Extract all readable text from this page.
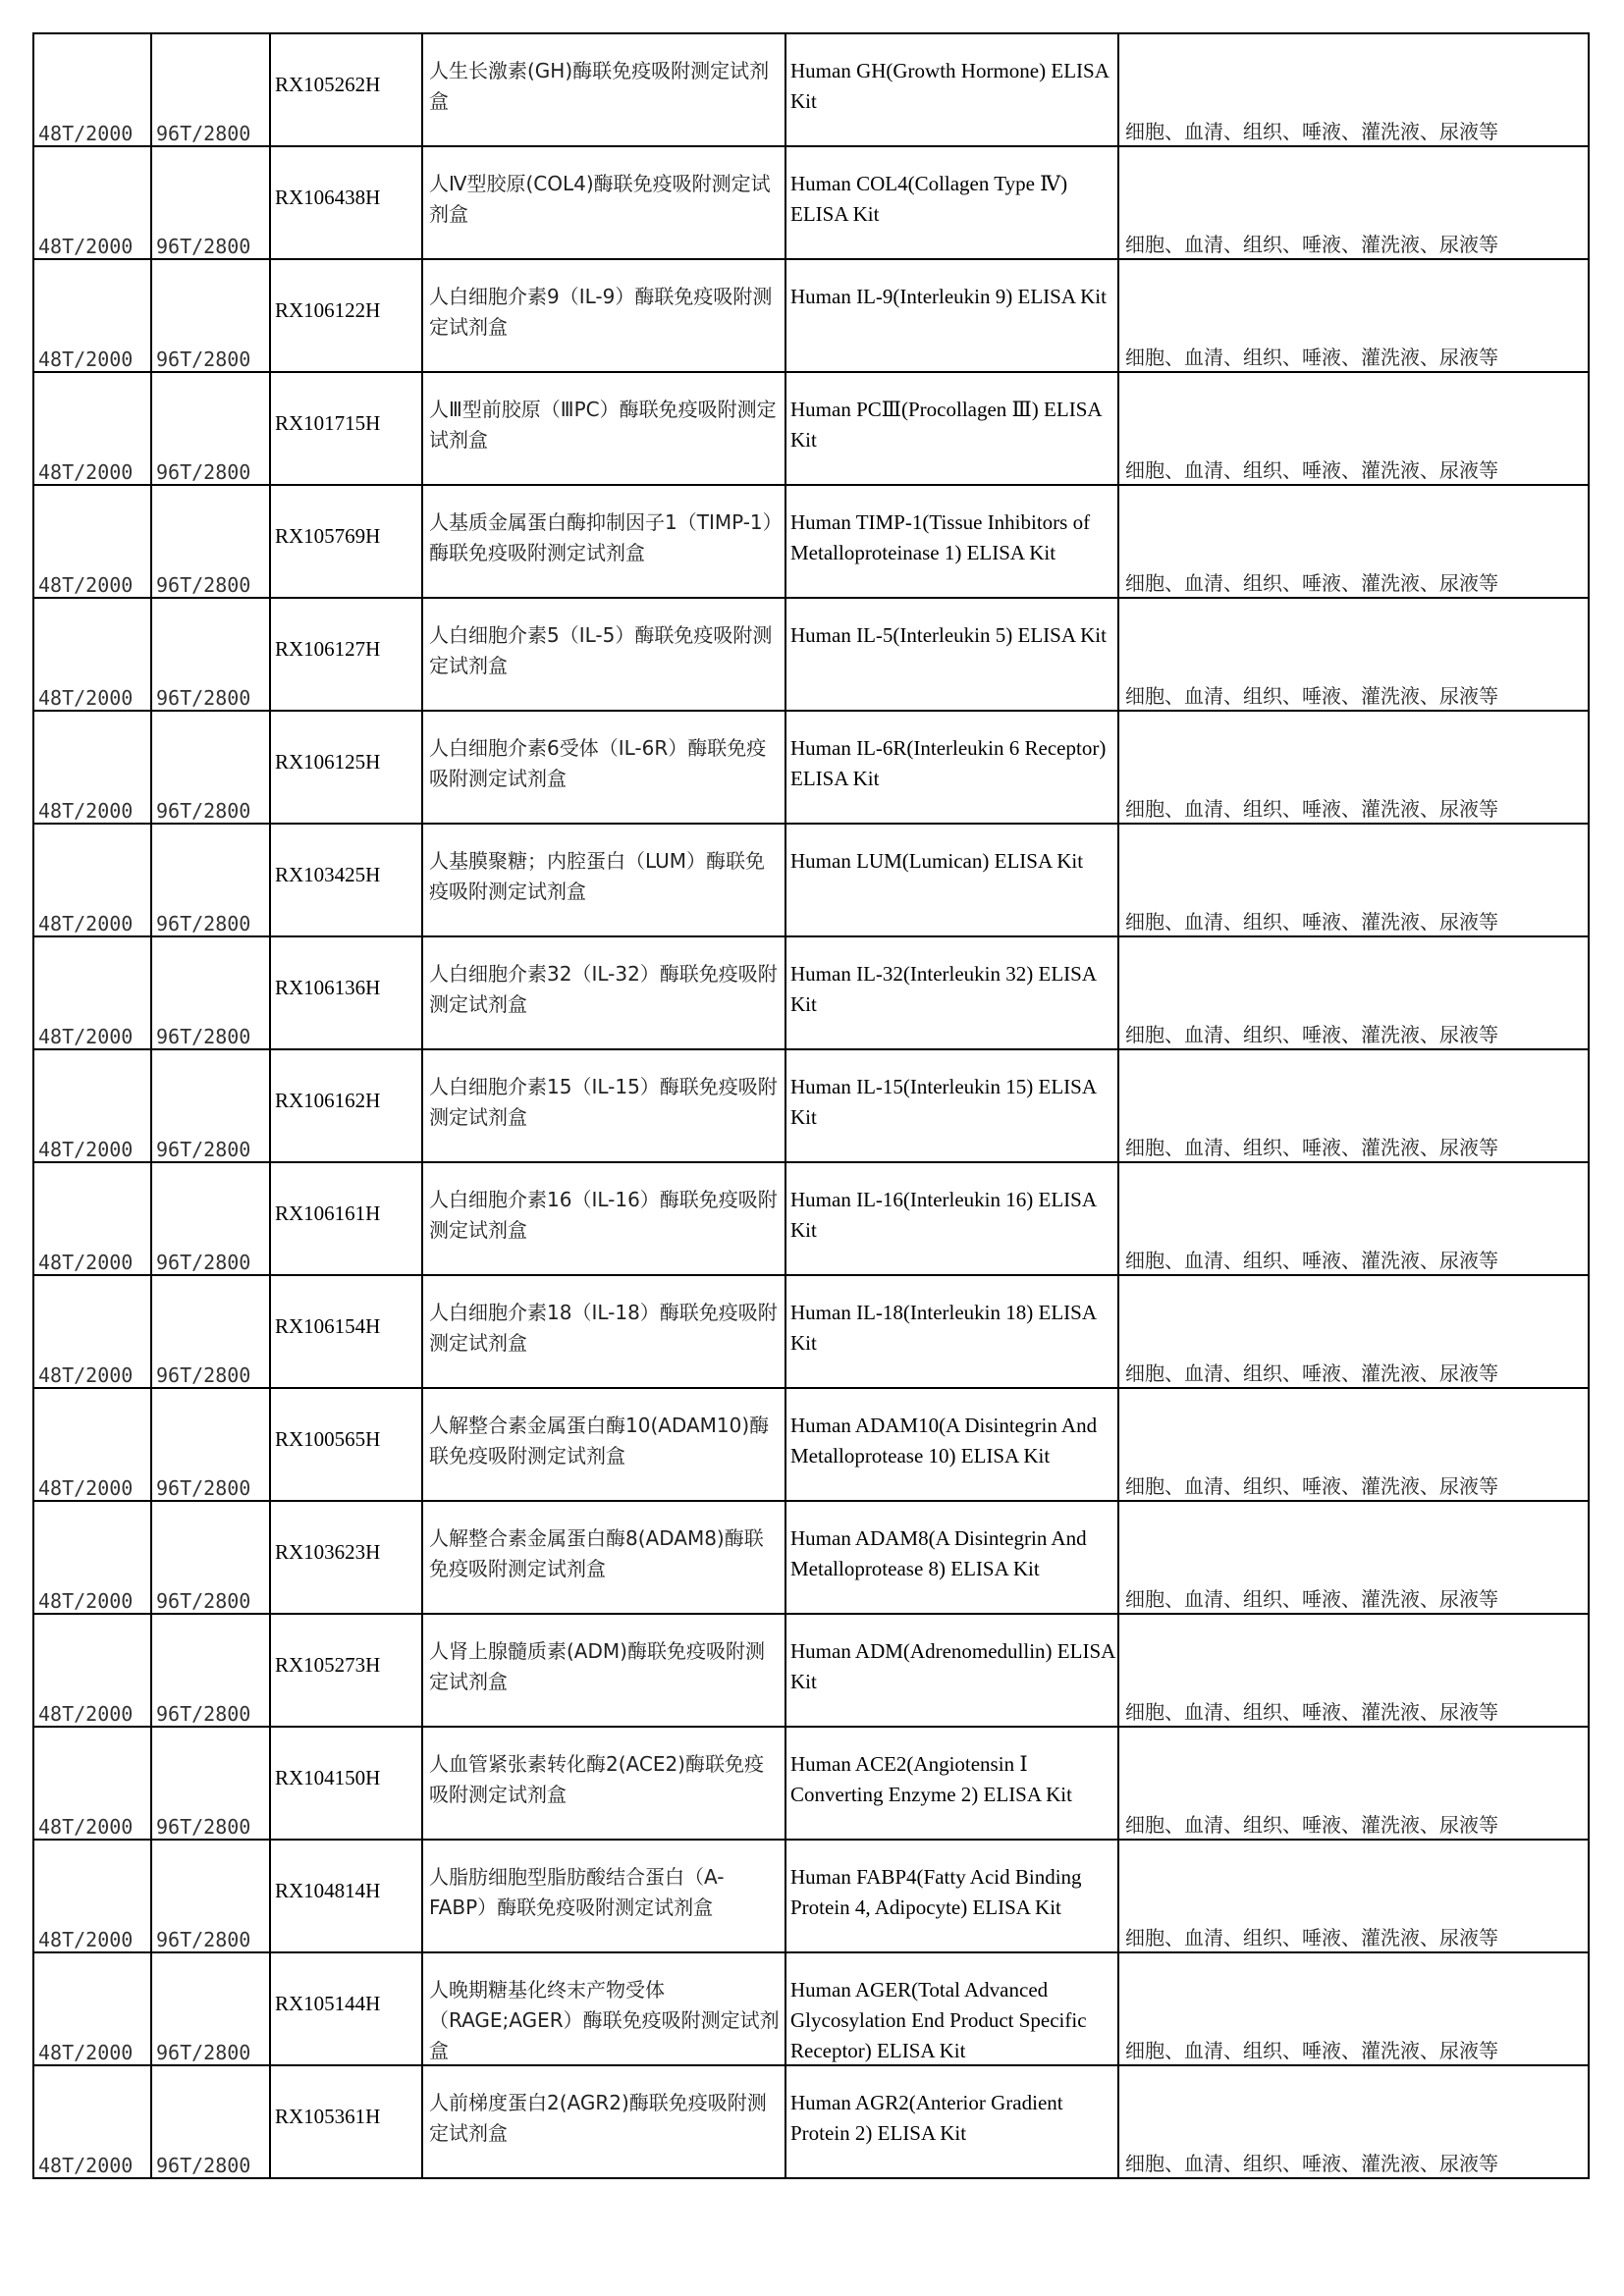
48T/2000	96T/2800	RX105262H	人生长激素(GH)酶联免疫吸附测定试剂盒	Human GH(Growth Hormone) ELISA Kit	细胞、血清、组织、唾液、灌洗液、尿液等

48T/2000	96T/2800	RX106438H	人Ⅳ型胶原(COL4)酶联免疫吸附测定试剂盒	Human COL4(Collagen Type Ⅳ) ELISA Kit	细胞、血清、组织、唾液、灌洗液、尿液等

48T/2000	96T/2800	RX106122H	人白细胞介素9（IL-9）酶联免疫吸附测定试剂盒	Human IL-9(Interleukin 9) ELISA Kit	细胞、血清、组织、唾液、灌洗液、尿液等

48T/2000	96T/2800	RX101715H	人Ⅲ型前胶原（ⅢPC）酶联免疫吸附测定试剂盒	Human PCⅢ(Procollagen Ⅲ) ELISA Kit	细胞、血清、组织、唾液、灌洗液、尿液等

48T/2000	96T/2800	RX105769H	人基质金属蛋白酶抑制因子1（TIMP-1）酶联免疫吸附测定试剂盒	Human TIMP-1(Tissue Inhibitors of Metalloproteinase 1) ELISA Kit	细胞、血清、组织、唾液、灌洗液、尿液等

48T/2000	96T/2800	RX106127H	人白细胞介素5（IL-5）酶联免疫吸附测定试剂盒	Human IL-5(Interleukin 5) ELISA Kit	细胞、血清、组织、唾液、灌洗液、尿液等

48T/2000	96T/2800	RX106125H	人白细胞介素6受体（IL-6R）酶联免疫吸附测定试剂盒	Human IL-6R(Interleukin 6 Receptor) ELISA Kit	细胞、血清、组织、唾液、灌洗液、尿液等

48T/2000	96T/2800	RX103425H	人基膜聚糖；内腔蛋白（LUM）酶联免疫吸附测定试剂盒	Human LUM(Lumican) ELISA Kit	细胞、血清、组织、唾液、灌洗液、尿液等

48T/2000	96T/2800	RX106136H	人白细胞介素32（IL-32）酶联免疫吸附测定试剂盒	Human IL-32(Interleukin 32) ELISA Kit	细胞、血清、组织、唾液、灌洗液、尿液等

48T/2000	96T/2800	RX106162H	人白细胞介素15（IL-15）酶联免疫吸附测定试剂盒	Human IL-15(Interleukin 15) ELISA Kit	细胞、血清、组织、唾液、灌洗液、尿液等

48T/2000	96T/2800	RX106161H	人白细胞介素16（IL-16）酶联免疫吸附测定试剂盒	Human IL-16(Interleukin 16) ELISA Kit	细胞、血清、组织、唾液、灌洗液、尿液等

48T/2000	96T/2800	RX106154H	人白细胞介素18（IL-18）酶联免疫吸附测定试剂盒	Human IL-18(Interleukin 18) ELISA Kit	细胞、血清、组织、唾液、灌洗液、尿液等

48T/2000	96T/2800	RX100565H	人解整合素金属蛋白酶10(ADAM10)酶联免疫吸附测定试剂盒	Human ADAM10(A Disintegrin And Metalloprotease 10) ELISA Kit	细胞、血清、组织、唾液、灌洗液、尿液等

48T/2000	96T/2800	RX103623H	人解整合素金属蛋白酶8(ADAM8)酶联免疫吸附测定试剂盒	Human ADAM8(A Disintegrin And Metalloprotease 8) ELISA Kit	细胞、血清、组织、唾液、灌洗液、尿液等

48T/2000	96T/2800	RX105273H	人肾上腺髓质素(ADM)酶联免疫吸附测定试剂盒	Human ADM(Adrenomedullin) ELISA Kit	细胞、血清、组织、唾液、灌洗液、尿液等

48T/2000	96T/2800	RX104150H	人血管紧张素转化酶2(ACE2)酶联免疫吸附测定试剂盒	Human ACE2(Angiotensin Ⅰ Converting Enzyme 2) ELISA Kit	细胞、血清、组织、唾液、灌洗液、尿液等

48T/2000	96T/2800	RX104814H	人脂肪细胞型脂肪酸结合蛋白（A-FABP）酶联免疫吸附测定试剂盒	Human FABP4(Fatty Acid Binding Protein 4, Adipocyte) ELISA Kit	细胞、血清、组织、唾液、灌洗液、尿液等

48T/2000	96T/2800	RX105144H	人晚期糖基化终末产物受体（RAGE;AGER）酶联免疫吸附测定试剂盒	Human AGER(Total Advanced Glycosylation End Product Specific Receptor) ELISA Kit	细胞、血清、组织、唾液、灌洗液、尿液等

48T/2000	96T/2800	RX105361H	人前梯度蛋白2(AGR2)酶联免疫吸附测定试剂盒	Human AGR2(Anterior Gradient Protein 2) ELISA Kit	细胞、血清、组织、唾液、灌洗液、尿液等
